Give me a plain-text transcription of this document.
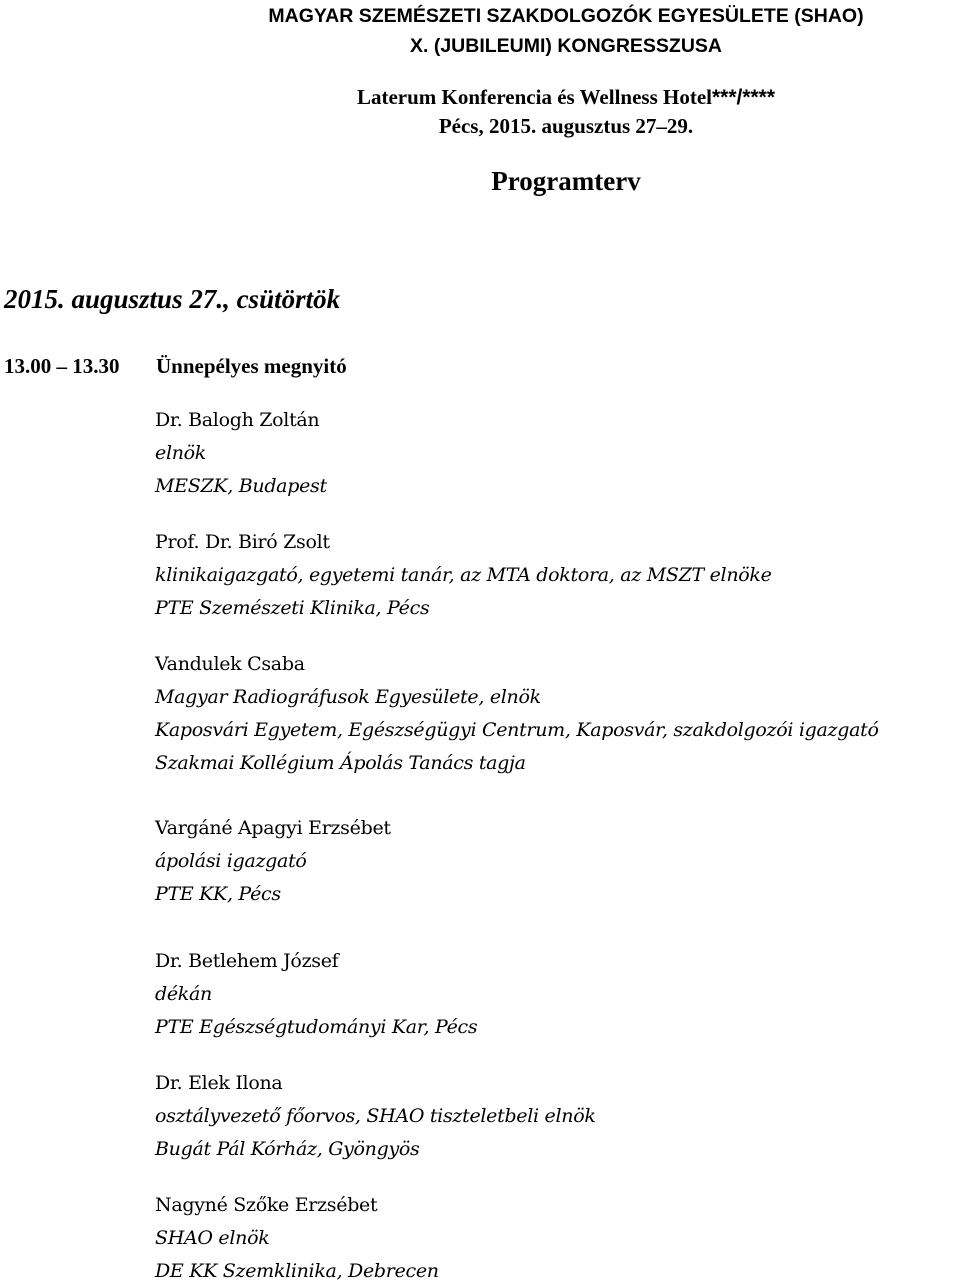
MAGYAR SZEMÉSZETI SZAKDOLGOZÓK EGYESÜLETE (SHAO)
X. (JUBILEUMI) KONGRESSZUSA
Laterum Konferencia és Wellness Hotel***/****
Pécs, 2015. augusztus 27–29.
Programterv
2015. augusztus 27., csütörtök
13.00 – 13.30 Ünnepélyes megnyitó
Dr. Balogh Zoltán
elnök
MESZK, Budapest
Prof. Dr. Biró Zsolt
klinikaigazgató, egyetemi tanár, az MTA doktora, az MSZT elnöke
PTE Szemészeti Klinika, Pécs
Vandulek Csaba
Magyar Radiográfusok Egyesülete, elnök
Kaposvári Egyetem, Egészségügyi Centrum, Kaposvár, szakdolgozói igazgató
Szakmai Kollégium Ápolás Tanács tagja
Vargáné Apagyi Erzsébet
ápolási igazgató
PTE KK, Pécs
Dr. Betlehem József
dékán
PTE Egészségtudományi Kar, Pécs
Dr. Elek Ilona
osztályvezető főorvos, SHAO tiszteletbeli elnök
Bugát Pál Kórház, Gyöngyös
Nagyné Szőke Erzsébet
SHAO elnök
DE KK Szemklinika, Debrecen
